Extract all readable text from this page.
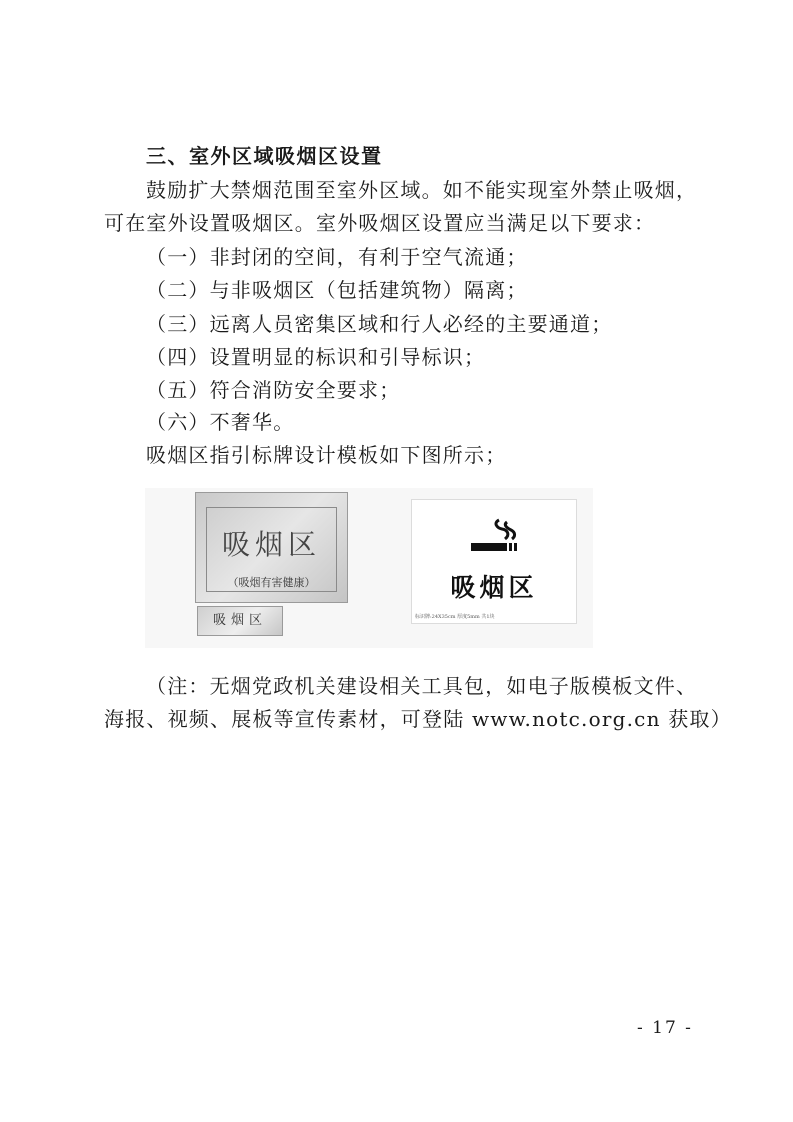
三、室外区域吸烟区设置
鼓励扩大禁烟范围至室外区域。如不能实现室外禁止吸烟，
可在室外设置吸烟区。室外吸烟区设置应当满足以下要求：
（一）非封闭的空间，有利于空气流通；
（二）与非吸烟区（包括建筑物）隔离；
（三）远离人员密集区域和行人必经的主要通道；
（四）设置明显的标识和引导标识；
（五）符合消防安全要求；
（六）不奢华。
吸烟区指引标牌设计模板如下图所示；
吸烟区
（吸烟有害健康）
吸烟区
吸烟区
标识牌:24X35cm 厚度5mm 共1块
（注：无烟党政机关建设相关工具包，如电子版模板文件、
海报、视频、展板等宣传素材，可登陆 www.notc.org.cn 获取）
- 17 -
